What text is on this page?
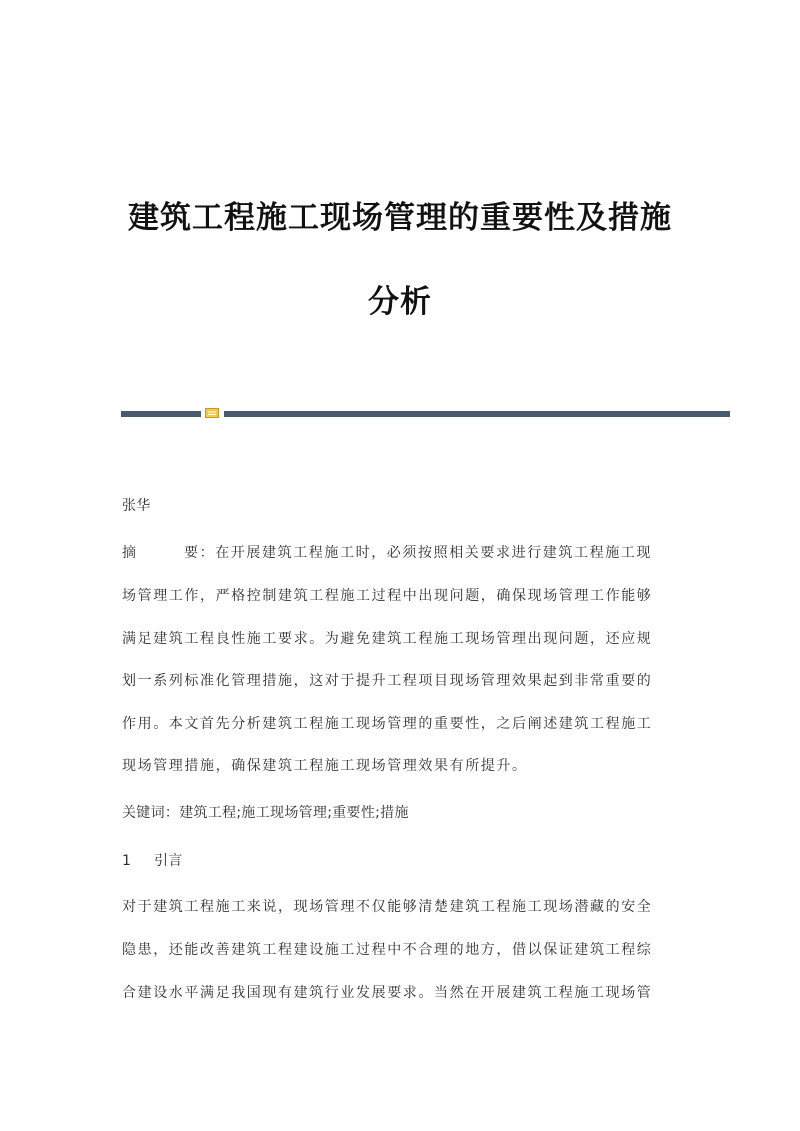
建筑工程施工现场管理的重要性及措施
分析

张华

摘	要：在开展建筑工程施工时，必须按照相关要求进行建筑工程施工现

场管理工作，严格控制建筑工程施工过程中出现问题，确保现场管理工作能够

满足建筑工程良性施工要求。为避免建筑工程施工现场管理出现问题，还应规

划一系列标准化管理措施，这对于提升工程项目现场管理效果起到非常重要的

作用。本文首先分析建筑工程施工现场管理的重要性，之后阐述建筑工程施工

现场管理措施，确保建筑工程施工现场管理效果有所提升。

关键词：建筑工程;施工现场管理;重要性;措施

1 引言

对于建筑工程施工来说，现场管理不仅能够清楚建筑工程施工现场潜藏的安全

隐患，还能改善建筑工程建设施工过程中不合理的地方，借以保证建筑工程综

合建设水平满足我国现有建筑行业发展要求。当然在开展建筑工程施工现场管
